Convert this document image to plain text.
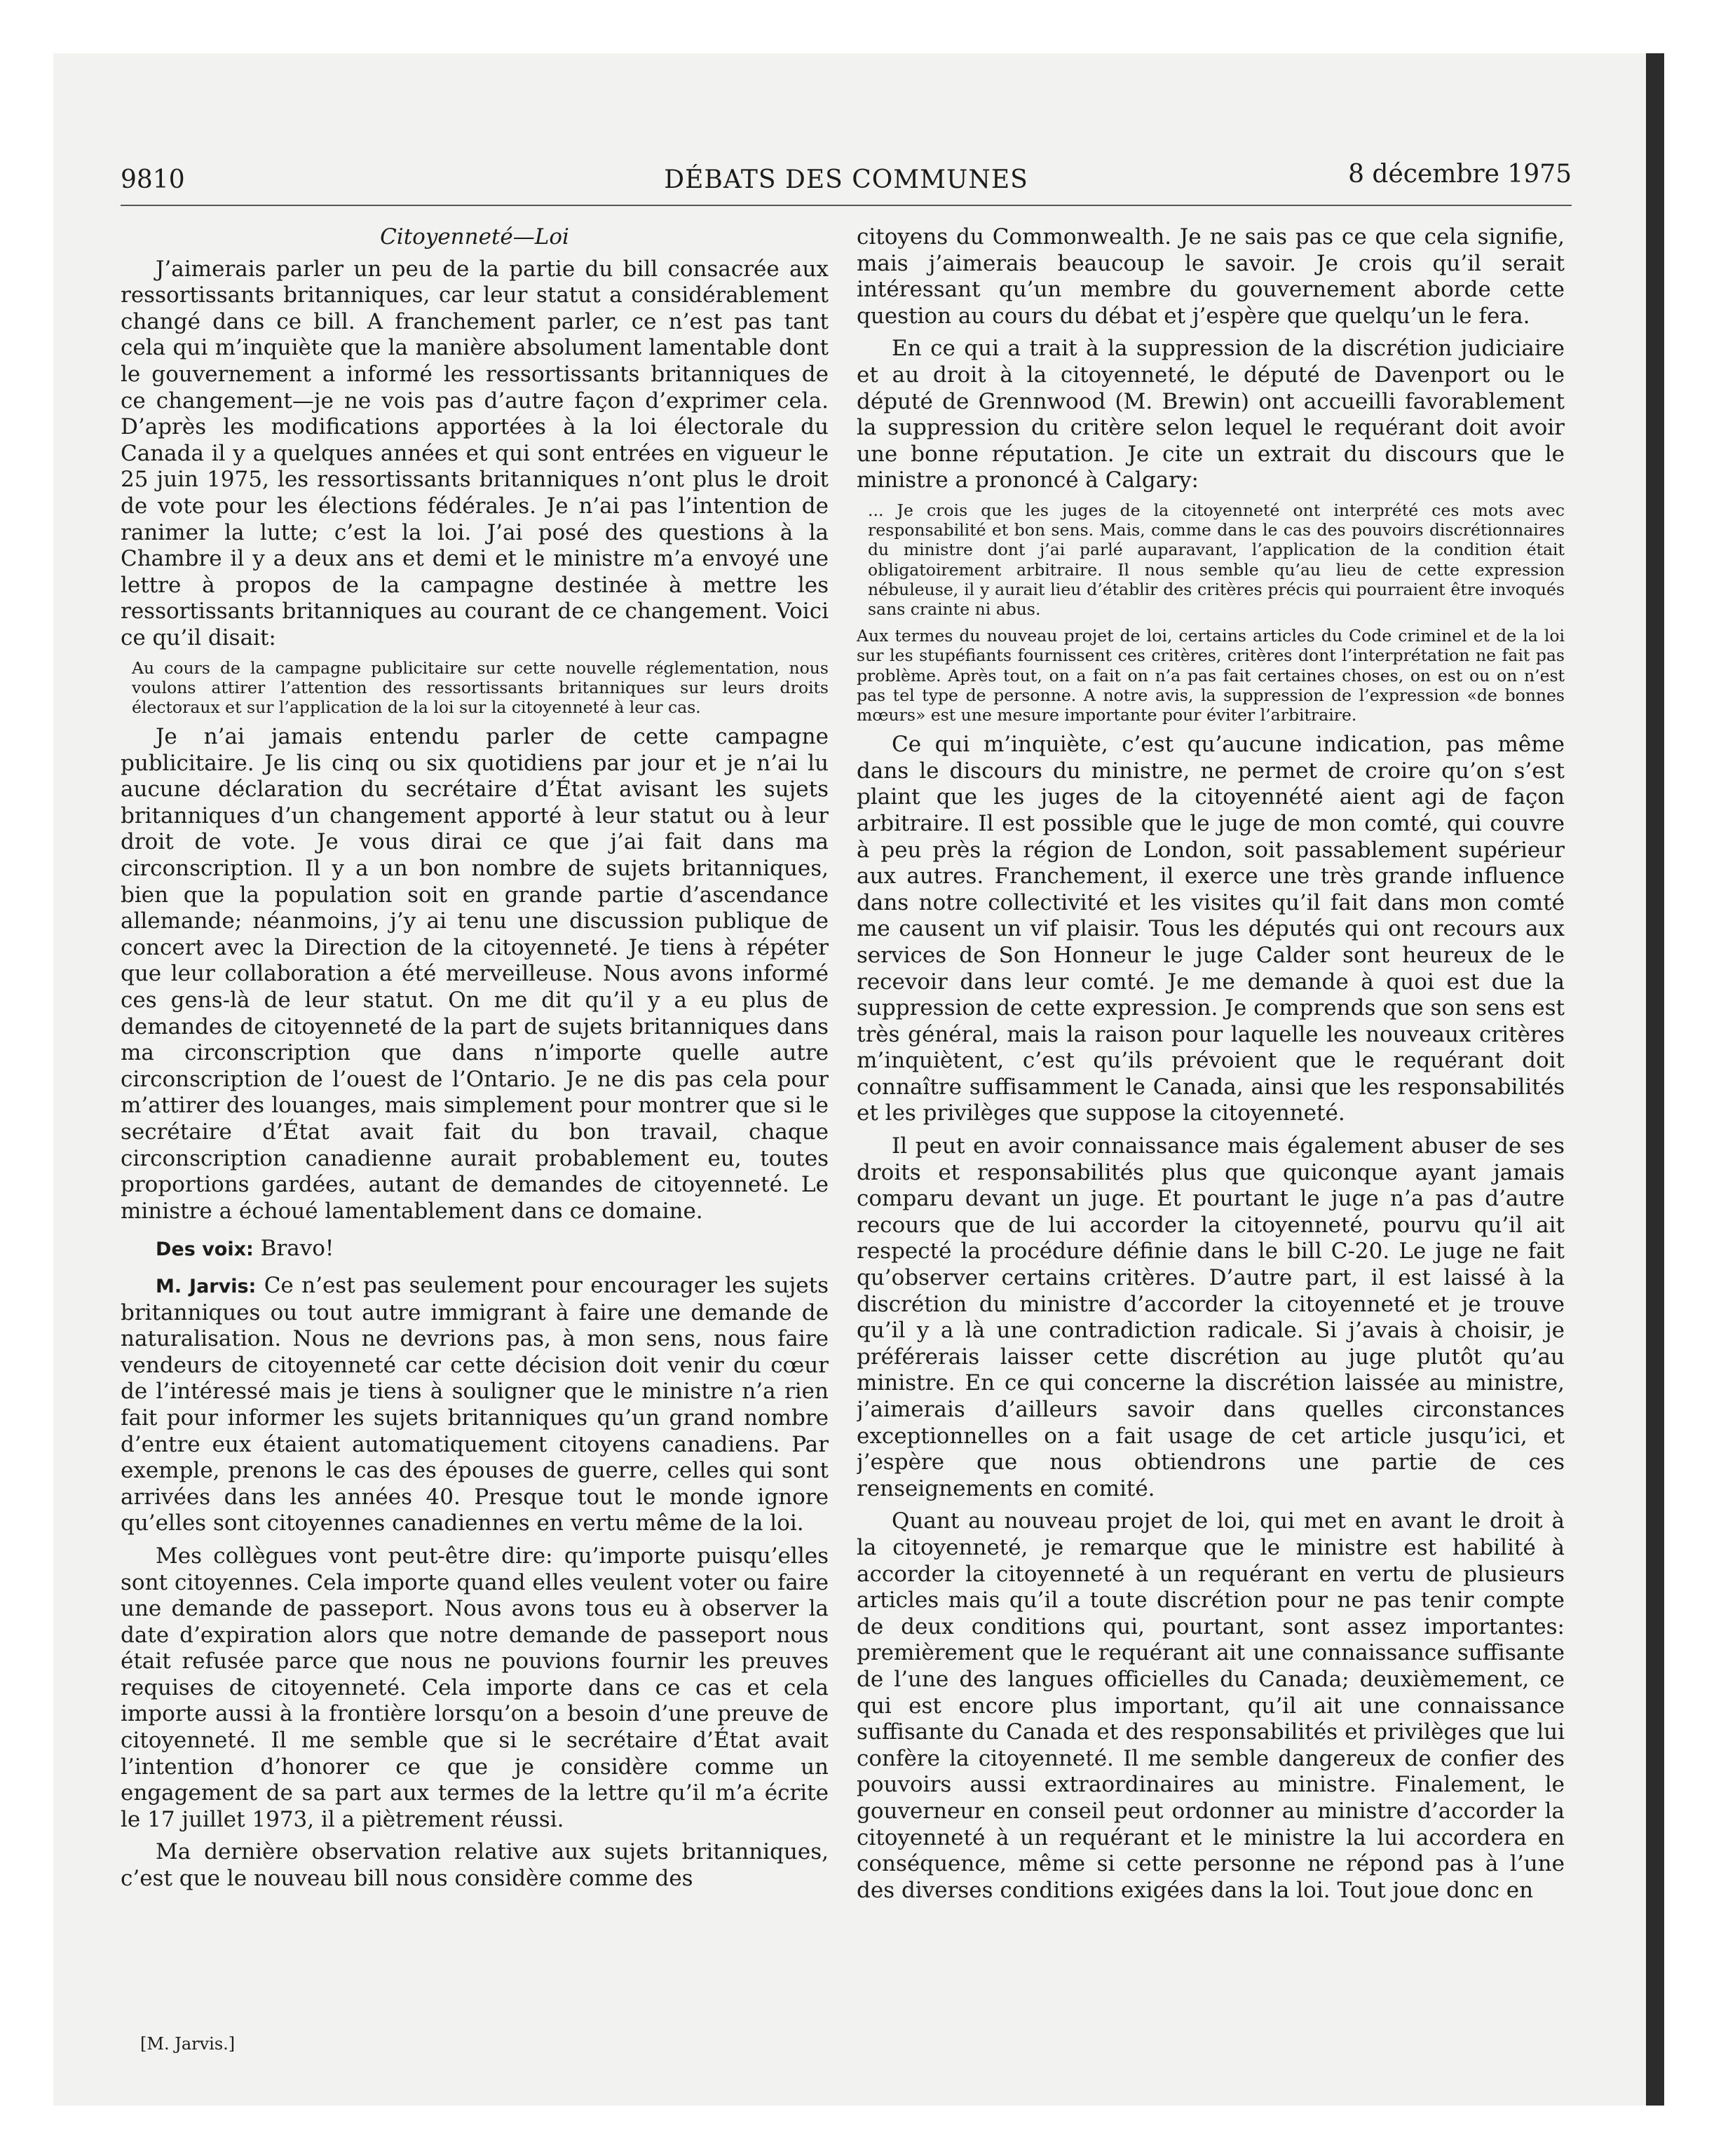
9810	DÉBATS DES COMMUNES	8 décembre 1975

Citoyenneté—Loi

J’aimerais parler un peu de la partie du bill consacrée aux ressortissants britanniques, car leur statut a considérablement changé dans ce bill. A franchement parler, ce n’est pas tant cela qui m’inquiète que la manière absolument lamentable dont le gouvernement a informé les ressortissants britanniques de ce changement—je ne vois pas d’autre façon d’exprimer cela. D’après les modifications apportées à la loi électorale du Canada il y a quelques années et qui sont entrées en vigueur le 25 juin 1975, les ressortissants britanniques n’ont plus le droit de vote pour les élections fédérales. Je n’ai pas l’intention de ranimer la lutte; c’est la loi. J’ai posé des questions à la Chambre il y a deux ans et demi et le ministre m’a envoyé une lettre à propos de la campagne destinée à mettre les ressortissants britanniques au courant de ce changement. Voici ce qu’il disait:

Au cours de la campagne publicitaire sur cette nouvelle réglementation, nous voulons attirer l’attention des ressortissants britanniques sur leurs droits électoraux et sur l’application de la loi sur la citoyenneté à leur cas.

Je n’ai jamais entendu parler de cette campagne publicitaire. Je lis cinq ou six quotidiens par jour et je n’ai lu aucune déclaration du secrétaire d’État avisant les sujets britanniques d’un changement apporté à leur statut ou à leur droit de vote. Je vous dirai ce que j’ai fait dans ma circonscription. Il y a un bon nombre de sujets britanniques, bien que la population soit en grande partie d’ascendance allemande; néanmoins, j’y ai tenu une discussion publique de concert avec la Direction de la citoyenneté. Je tiens à répéter que leur collaboration a été merveilleuse. Nous avons informé ces gens-là de leur statut. On me dit qu’il y a eu plus de demandes de citoyenneté de la part de sujets britanniques dans ma circonscription que dans n’importe quelle autre circonscription de l’ouest de l’Ontario. Je ne dis pas cela pour m’attirer des louanges, mais simplement pour montrer que si le secrétaire d’État avait fait du bon travail, chaque circonscription canadienne aurait probablement eu, toutes proportions gardées, autant de demandes de citoyenneté. Le ministre a échoué lamentablement dans ce domaine.

Des voix: Bravo!

M. Jarvis: Ce n’est pas seulement pour encourager les sujets britanniques ou tout autre immigrant à faire une demande de naturalisation. Nous ne devrions pas, à mon sens, nous faire vendeurs de citoyenneté car cette décision doit venir du cœur de l’intéressé mais je tiens à souligner que le ministre n’a rien fait pour informer les sujets britanniques qu’un grand nombre d’entre eux étaient automatiquement citoyens canadiens. Par exemple, prenons le cas des épouses de guerre, celles qui sont arrivées dans les années 40. Presque tout le monde ignore qu’elles sont citoyennes canadiennes en vertu même de la loi.

Mes collègues vont peut-être dire: qu’importe puisqu’elles sont citoyennes. Cela importe quand elles veulent voter ou faire une demande de passeport. Nous avons tous eu à observer la date d’expiration alors que notre demande de passeport nous était refusée parce que nous ne pouvions fournir les preuves requises de citoyenneté. Cela importe dans ce cas et cela importe aussi à la frontière lorsqu’on a besoin d’une preuve de citoyenneté. Il me semble que si le secrétaire d’État avait l’intention d’honorer ce que je considère comme un engagement de sa part aux termes de la lettre qu’il m’a écrite le 17 juillet 1973, il a piètrement réussi.

Ma dernière observation relative aux sujets britanniques, c’est que le nouveau bill nous considère comme des

citoyens du Commonwealth. Je ne sais pas ce que cela signifie, mais j’aimerais beaucoup le savoir. Je crois qu’il serait intéressant qu’un membre du gouvernement aborde cette question au cours du débat et j’espère que quelqu’un le fera.

En ce qui a trait à la suppression de la discrétion judiciaire et au droit à la citoyenneté, le député de Davenport ou le député de Grennwood (M. Brewin) ont accueilli favorablement la suppression du critère selon lequel le requérant doit avoir une bonne réputation. Je cite un extrait du discours que le ministre a prononcé à Calgary:

... Je crois que les juges de la citoyenneté ont interprété ces mots avec responsabilité et bon sens. Mais, comme dans le cas des pouvoirs discrétionnaires du ministre dont j’ai parlé auparavant, l’application de la condition était obligatoirement arbitraire. Il nous semble qu’au lieu de cette expression nébuleuse, il y aurait lieu d’établir des critères précis qui pourraient être invoqués sans crainte ni abus.
Aux termes du nouveau projet de loi, certains articles du Code criminel et de la loi sur les stupéfiants fournissent ces critères, critères dont l’interprétation ne fait pas problème. Après tout, on a fait on n’a pas fait certaines choses, on est ou on n’est pas tel type de personne. A notre avis, la suppression de l’expression «de bonnes mœurs» est une mesure importante pour éviter l’arbitraire.

Ce qui m’inquiète, c’est qu’aucune indication, pas même dans le discours du ministre, ne permet de croire qu’on s’est plaint que les juges de la citoyennété aient agi de façon arbitraire. Il est possible que le juge de mon comté, qui couvre à peu près la région de London, soit passablement supérieur aux autres. Franchement, il exerce une très grande influence dans notre collectivité et les visites qu’il fait dans mon comté me causent un vif plaisir. Tous les députés qui ont recours aux services de Son Honneur le juge Calder sont heureux de le recevoir dans leur comté. Je me demande à quoi est due la suppression de cette expression. Je comprends que son sens est très général, mais la raison pour laquelle les nouveaux critères m’inquiètent, c’est qu’ils prévoient que le requérant doit connaître suffisamment le Canada, ainsi que les responsabilités et les privilèges que suppose la citoyenneté.

Il peut en avoir connaissance mais également abuser de ses droits et responsabilités plus que quiconque ayant jamais comparu devant un juge. Et pourtant le juge n’a pas d’autre recours que de lui accorder la citoyenneté, pourvu qu’il ait respecté la procédure définie dans le bill C-20. Le juge ne fait qu’observer certains critères. D’autre part, il est laissé à la discrétion du ministre d’accorder la citoyenneté et je trouve qu’il y a là une contradiction radicale. Si j’avais à choisir, je préférerais laisser cette discrétion au juge plutôt qu’au ministre. En ce qui concerne la discrétion laissée au ministre, j’aimerais d’ailleurs savoir dans quelles circonstances exceptionnelles on a fait usage de cet article jusqu’ici, et j’espère que nous obtiendrons une partie de ces renseignements en comité.

Quant au nouveau projet de loi, qui met en avant le droit à la citoyenneté, je remarque que le ministre est habilité à accorder la citoyenneté à un requérant en vertu de plusieurs articles mais qu’il a toute discrétion pour ne pas tenir compte de deux conditions qui, pourtant, sont assez importantes: premièrement que le requérant ait une connaissance suffisante de l’une des langues officielles du Canada; deuxièmement, ce qui est encore plus important, qu’il ait une connaissance suffisante du Canada et des responsabilités et privilèges que lui confère la citoyenneté. Il me semble dangereux de confier des pouvoirs aussi extraordinaires au ministre. Finalement, le gouverneur en conseil peut ordonner au ministre d’accorder la citoyenneté à un requérant et le ministre la lui accordera en conséquence, même si cette personne ne répond pas à l’une des diverses conditions exigées dans la loi. Tout joue donc en

[M. Jarvis.]
